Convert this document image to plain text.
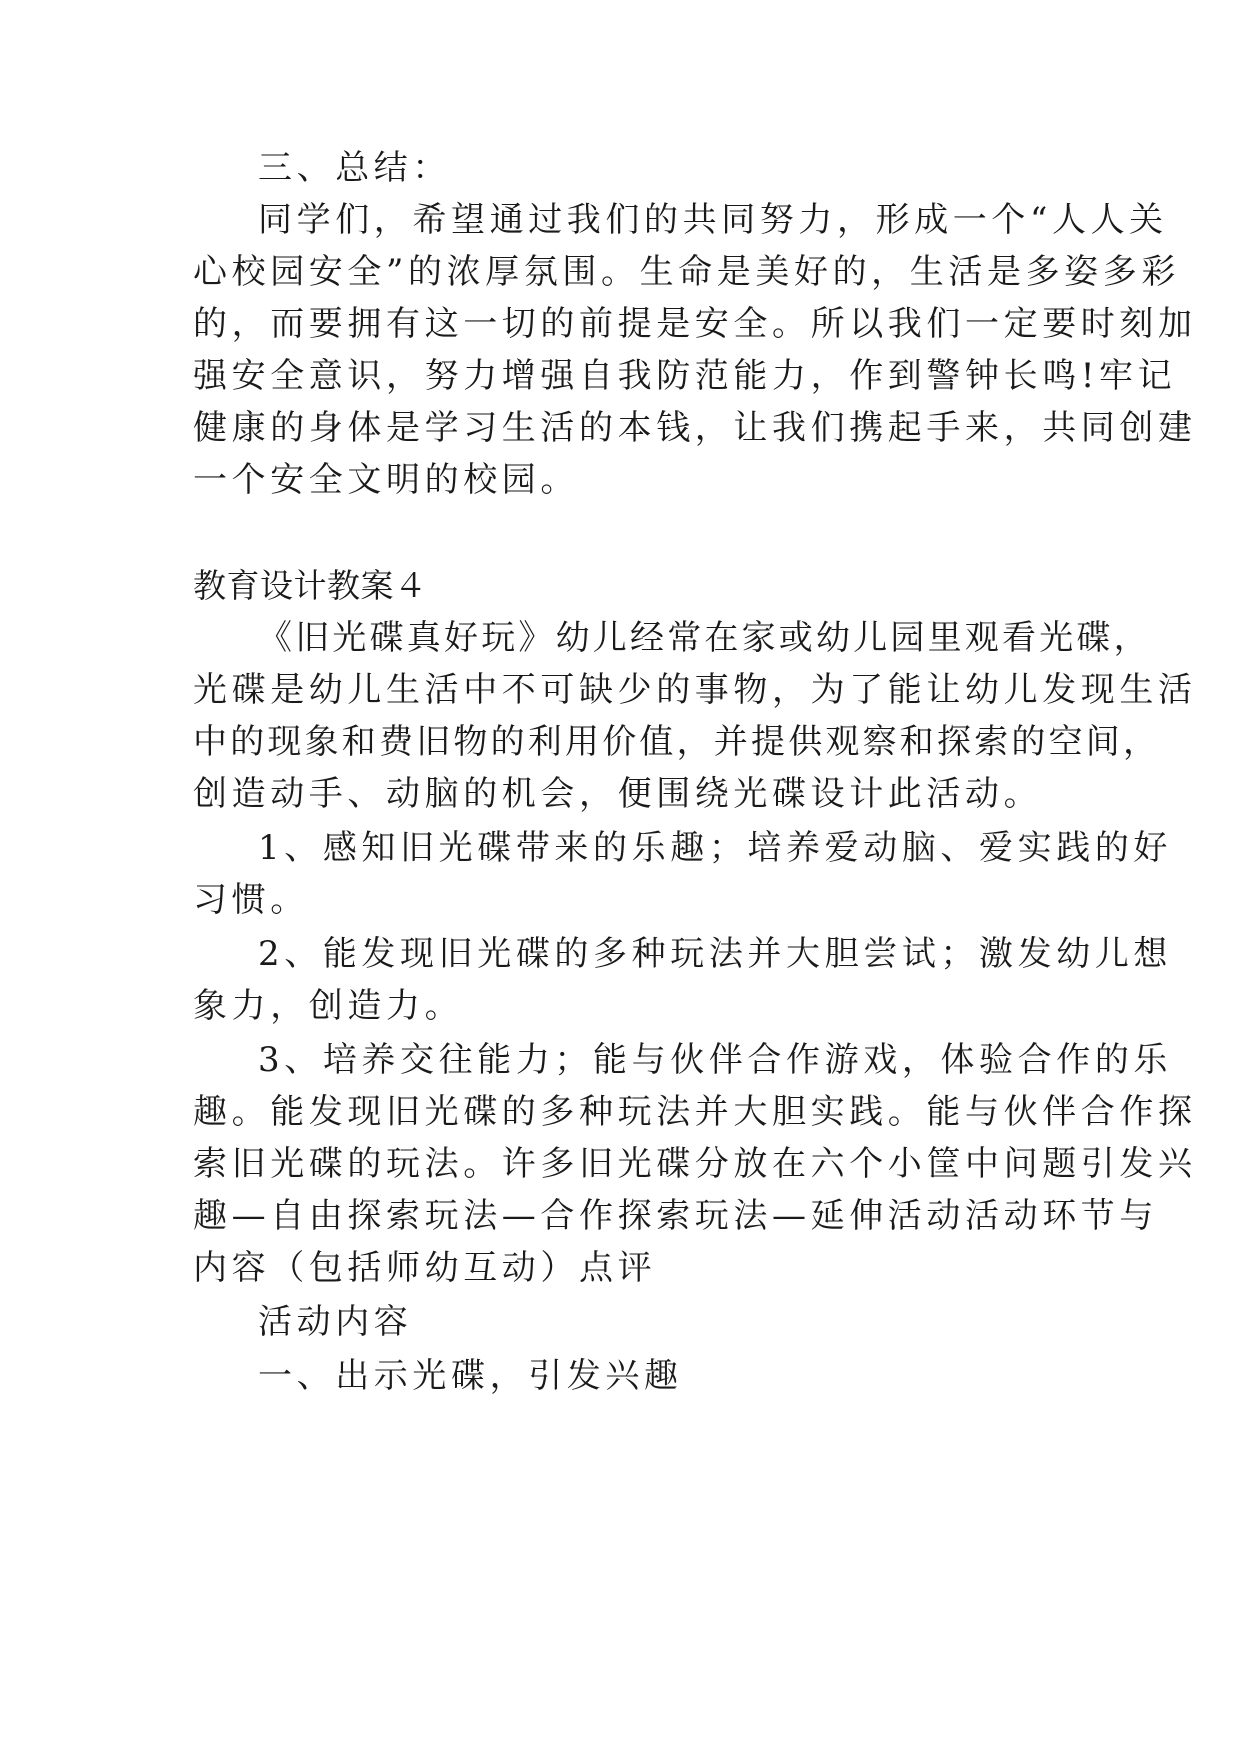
三、总结：

同学们，希望通过我们的共同努力，形成一个“人人关

心校园安全”的浓厚氛围。生命是美好的，生活是多姿多彩

的，而要拥有这一切的前提是安全。所以我们一定要时刻加

强安全意识，努力增强自我防范能力，作到警钟长鸣!牢记

健康的身体是学习生活的本钱，让我们携起手来，共同创建

一个安全文明的校园。

教育设计教案４

《旧光碟真好玩》幼儿经常在家或幼儿园里观看光碟，

光碟是幼儿生活中不可缺少的事物，为了能让幼儿发现生活

中的现象和费旧物的利用价值，并提供观察和探索的空间，

创造动手、动脑的机会，便围绕光碟设计此活动。

1、感知旧光碟带来的乐趣；培养爱动脑、爱实践的好

习惯。

2、能发现旧光碟的多种玩法并大胆尝试；激发幼儿想

象力，创造力。

3、培养交往能力；能与伙伴合作游戏，体验合作的乐

趣。能发现旧光碟的多种玩法并大胆实践。能与伙伴合作探

索旧光碟的玩法。许多旧光碟分放在六个小筐中问题引发兴

趣—自由探索玩法—合作探索玩法—延伸活动活动环节与

内容（包括师幼互动）点评

活动内容

一、出示光碟，引发兴趣
